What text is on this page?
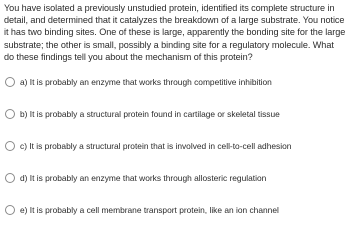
You have isolated a previously unstudied protein, identified its complete structure in detail, and determined that it catalyzes the breakdown of a large substrate. You notice it has two binding sites. One of these is large, apparently the bonding site for the large substrate; the other is small, possibly a binding site for a regulatory molecule. What do these findings tell you about the mechanism of this protein?

a) It is probably an enzyme that works through competitive inhibition
b) It is probably a structural protein found in cartilage or skeletal tissue
c) It is probably a structural protein that is involved in cell-to-cell adhesion
d) It is probably an enzyme that works through allosteric regulation
e) It is probably a cell membrane transport protein, like an ion channel
